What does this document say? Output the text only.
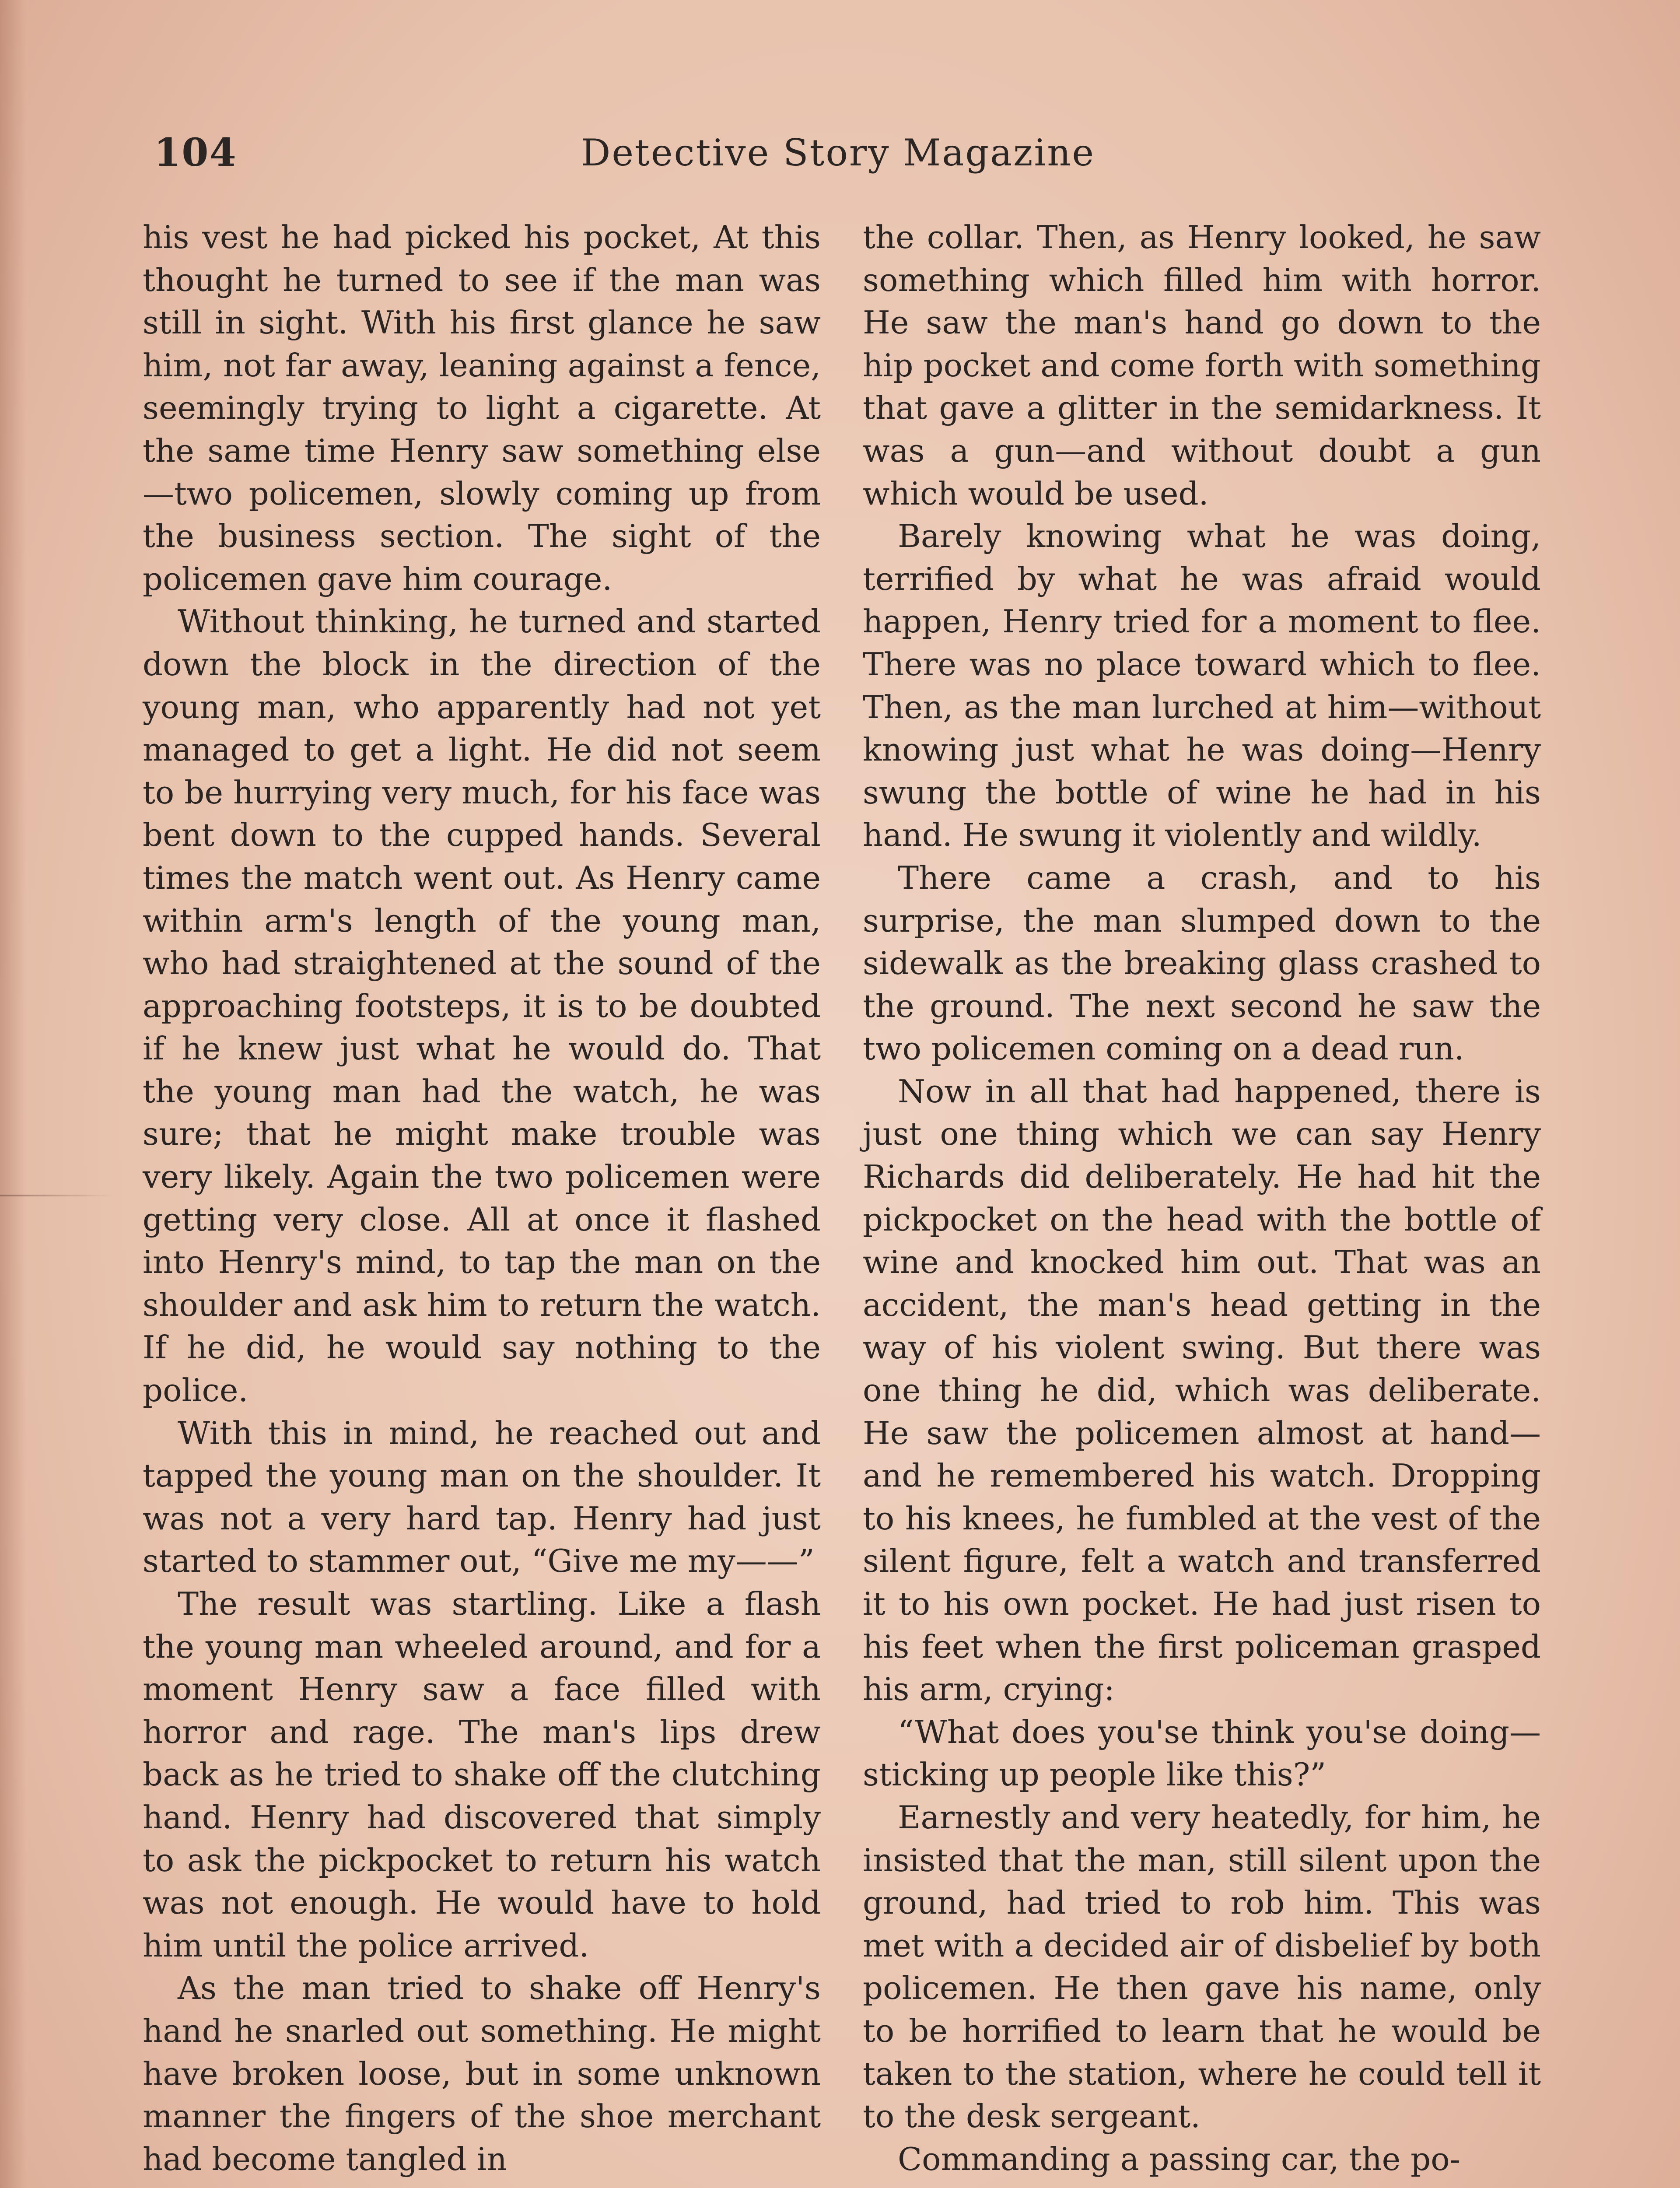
104	Detective Story Magazine

his vest he had picked his pocket, At this thought he turned to see if the man was still in sight. With his first glance he saw him, not far away, leaning against a fence, seemingly trying to light a cigarette. At the same time Henry saw something else—two policemen, slowly coming up from the business section. The sight of the policemen gave him courage.

Without thinking, he turned and started down the block in the direction of the young man, who apparently had not yet managed to get a light. He did not seem to be hurrying very much, for his face was bent down to the cupped hands. Several times the match went out. As Henry came within arm's length of the young man, who had straightened at the sound of the approaching footsteps, it is to be doubted if he knew just what he would do. That the young man had the watch, he was sure; that he might make trouble was very likely. Again the two policemen were getting very close. All at once it flashed into Henry's mind, to tap the man on the shoulder and ask him to return the watch. If he did, he would say nothing to the police.

With this in mind, he reached out and tapped the young man on the shoulder. It was not a very hard tap. Henry had just started to stammer out, “Give me my——”

The result was startling. Like a flash the young man wheeled around, and for a moment Henry saw a face filled with horror and rage. The man's lips drew back as he tried to shake off the clutching hand. Henry had discovered that simply to ask the pickpocket to return his watch was not enough. He would have to hold him until the police arrived.

As the man tried to shake off Henry's hand he snarled out something. He might have broken loose, but in some unknown manner the fingers of the shoe merchant had become tangled in

the collar. Then, as Henry looked, he saw something which filled him with horror. He saw the man's hand go down to the hip pocket and come forth with something that gave a glitter in the semidarkness. It was a gun—and without doubt a gun which would be used.

Barely knowing what he was doing, terrified by what he was afraid would happen, Henry tried for a moment to flee. There was no place toward which to flee. Then, as the man lurched at him—without knowing just what he was doing—Henry swung the bottle of wine he had in his hand. He swung it violently and wildly.

There came a crash, and to his surprise, the man slumped down to the sidewalk as the breaking glass crashed to the ground. The next second he saw the two policemen coming on a dead run.

Now in all that had happened, there is just one thing which we can say Henry Richards did deliberately. He had hit the pickpocket on the head with the bottle of wine and knocked him out. That was an accident, the man's head getting in the way of his violent swing. But there was one thing he did, which was deliberate. He saw the policemen almost at hand—and he remembered his watch. Dropping to his knees, he fumbled at the vest of the silent figure, felt a watch and transferred it to his own pocket. He had just risen to his feet when the first policeman grasped his arm, crying:

“What does you'se think you'se doing—sticking up people like this?”

Earnestly and very heatedly, for him, he insisted that the man, still silent upon the ground, had tried to rob him. This was met with a decided air of disbelief by both policemen. He then gave his name, only to be horrified to learn that he would be taken to the station, where he could tell it to the desk sergeant.

Commanding a passing car, the po-
